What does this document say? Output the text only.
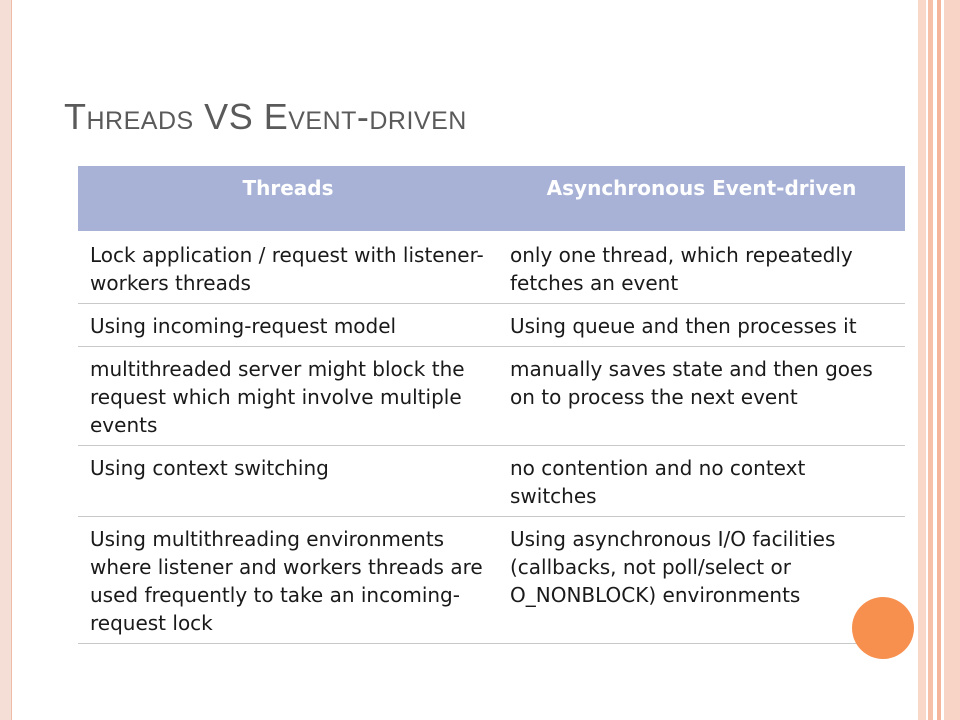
Threads VS Event-driven
Threads	Asynchronous Event-driven
Lock application / request with listener-workers threads	only one thread, which repeatedly fetches an event
Using incoming-request model	Using queue and then processes it
multithreaded server might block the request which might involve multiple events	manually saves state and then goes on to process the next event
Using context switching	no contention and no context switches
Using multithreading environments where listener and workers threads are used frequently to take an incoming-request lock	Using asynchronous I/O facilities (callbacks, not poll/select or O_NONBLOCK) environments
